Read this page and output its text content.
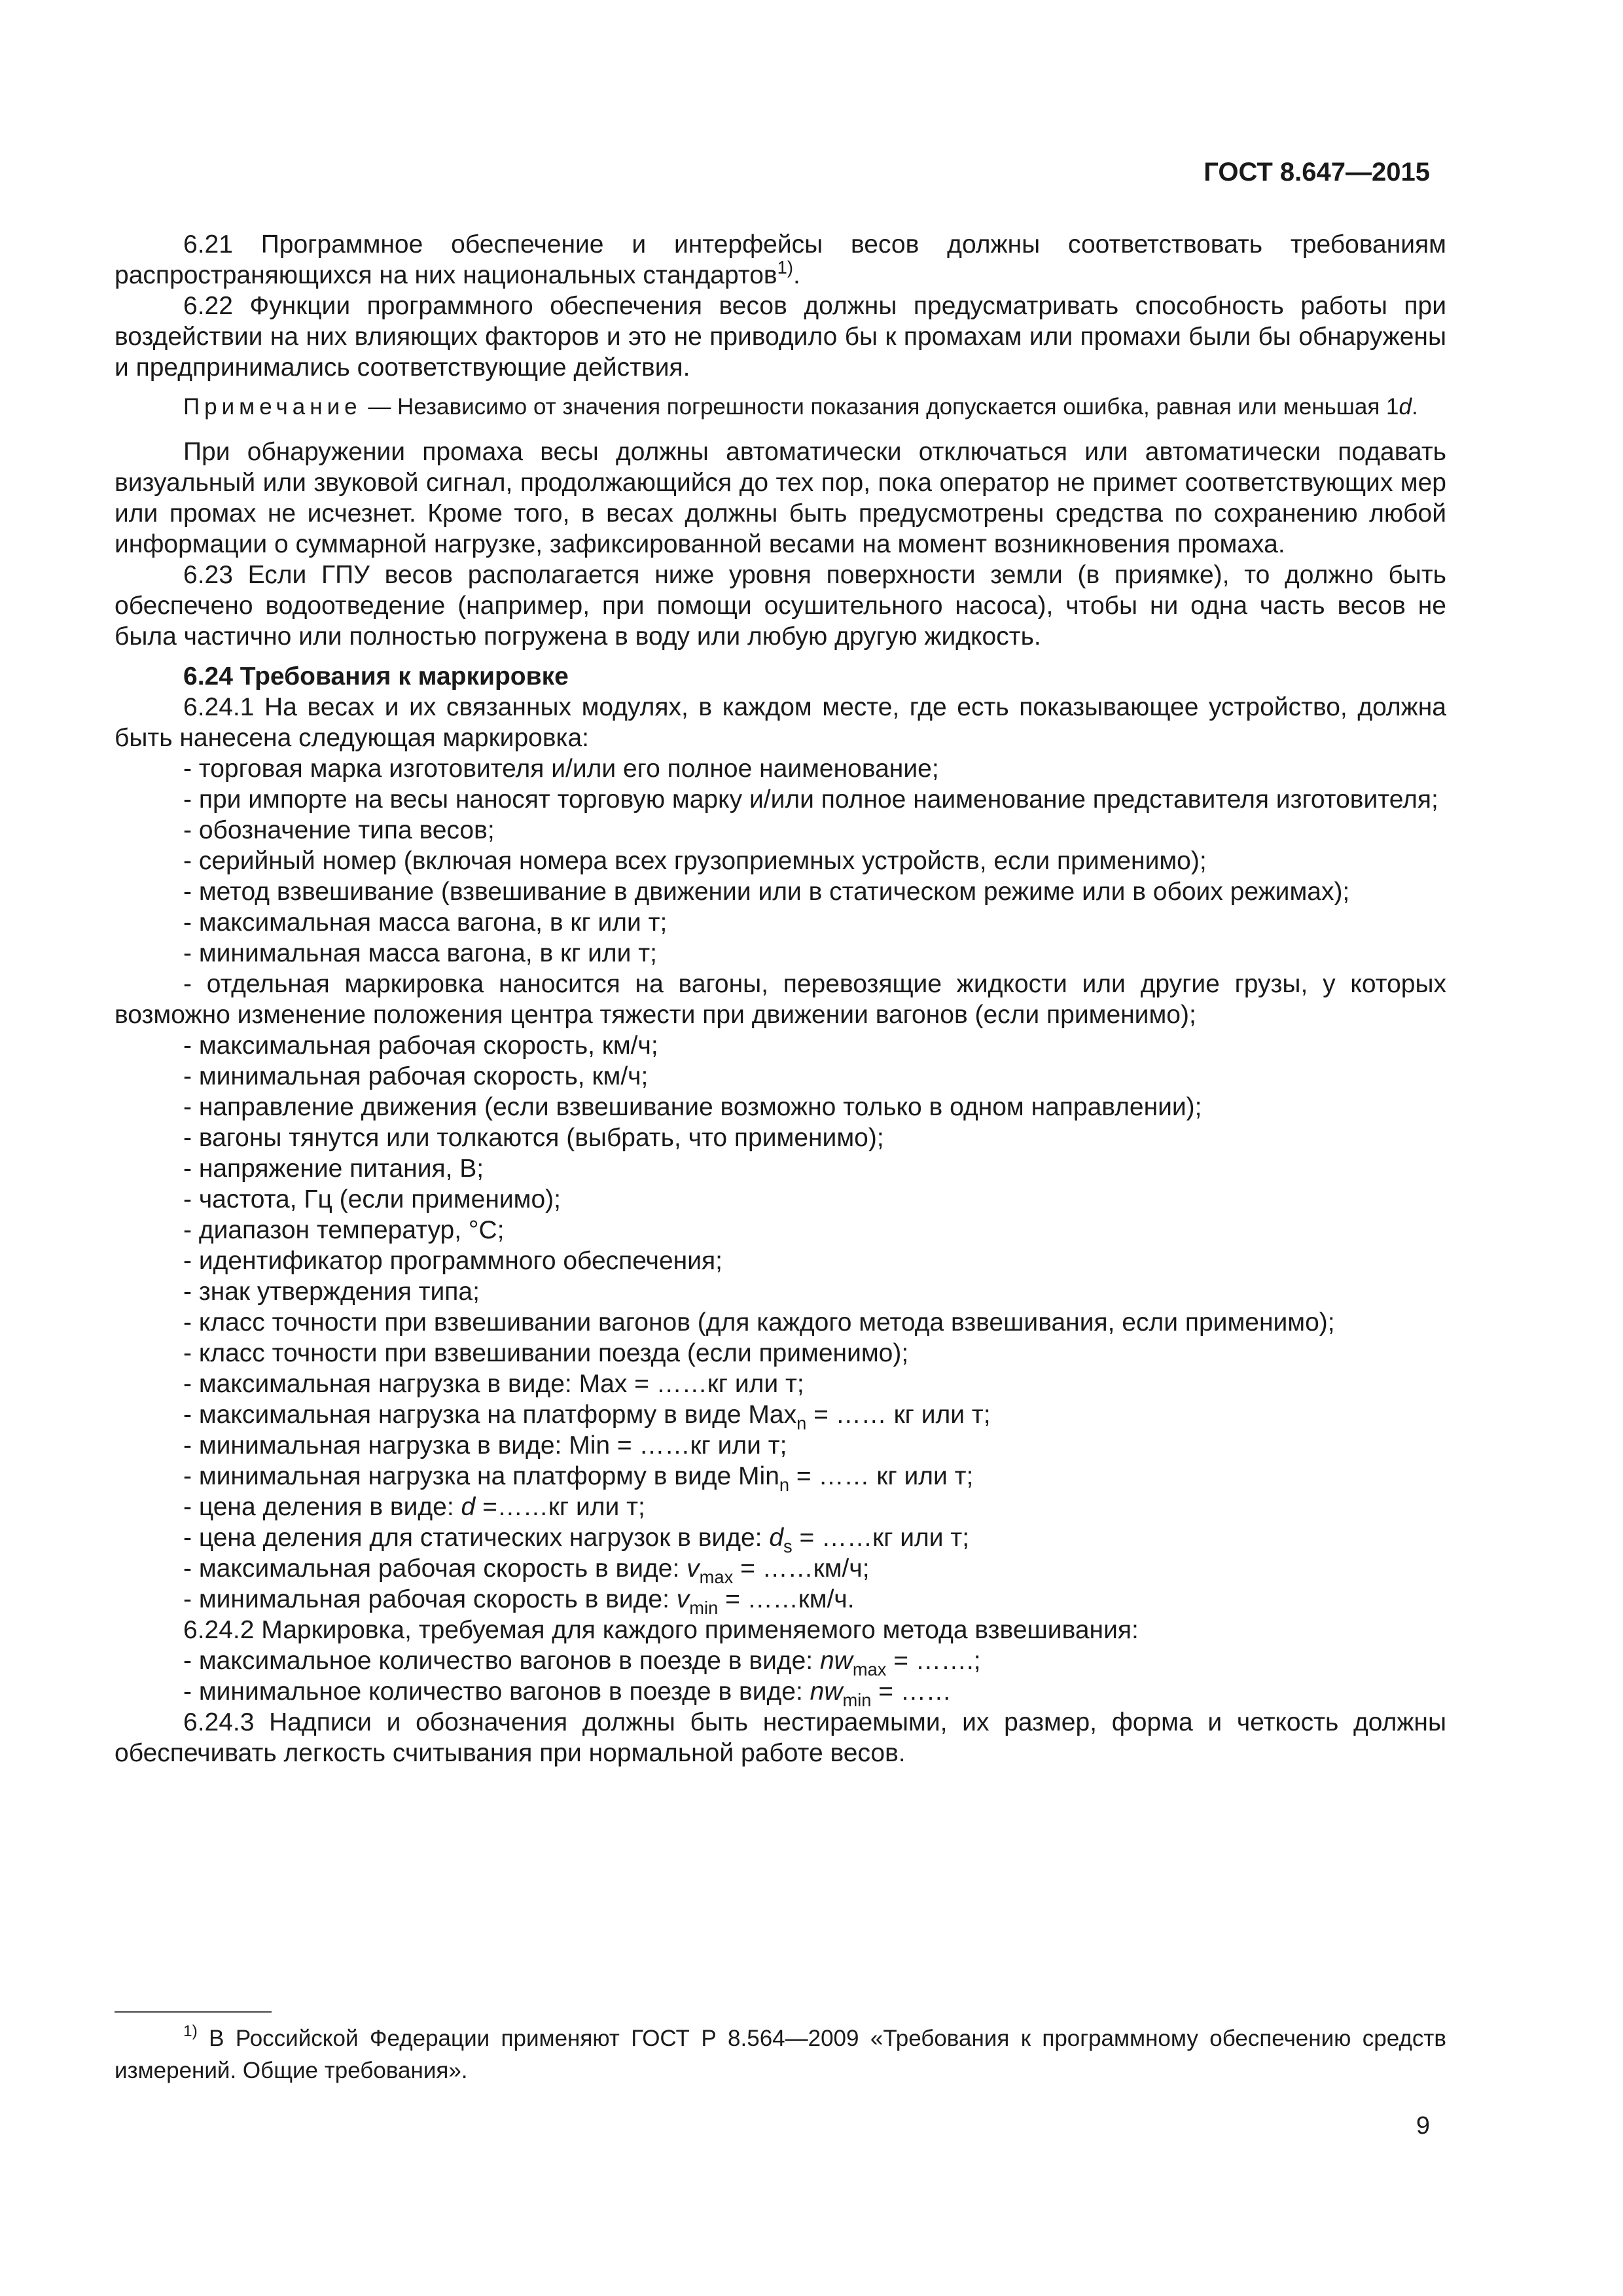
ГОСТ 8.647—2015

6.21 Программное обеспечение и интерфейсы весов должны соответствовать требованиям распространяющихся на них национальных стандартов$^{1)}$.

6.22 Функции программного обеспечения весов должны предусматривать способность работы при воздействии на них влияющих факторов и это не приводило бы к промахам или промахи были бы обнаружены и предпринимались соответствующие действия.

Примечание — Независимо от значения погрешности показания допускается ошибка, равная или меньшая 1d.

При обнаружении промаха весы должны автоматически отключаться или автоматически подавать визуальный или звуковой сигнал, продолжающийся до тех пор, пока оператор не примет соответствующих мер или промах не исчезнет. Кроме того, в весах должны быть предусмотрены средства по сохранению любой информации о суммарной нагрузке, зафиксированной весами на момент возникновения промаха.

6.23 Если ГПУ весов располагается ниже уровня поверхности земли (в приямке), то должно быть обеспечено водоотведение (например, при помощи осушительного насоса), чтобы ни одна часть весов не была частично или полностью погружена в воду или любую другую жидкость.

6.24 Требования к маркировке

6.24.1 На весах и их связанных модулях, в каждом месте, где есть показывающее устройство, должна быть нанесена следующая маркировка:

- торговая марка изготовителя и/или его полное наименование;

- при импорте на весы наносят торговую марку и/или полное наименование представителя изготовителя;

- обозначение типа весов;

- серийный номер (включая номера всех грузоприемных устройств, если применимо);

- метод взвешивание (взвешивание в движении или в статическом режиме или в обоих режимах);

- максимальная масса вагона, в кг или т;

- минимальная масса вагона, в кг или т;

- отдельная маркировка наносится на вагоны, перевозящие жидкости или другие грузы, у которых возможно изменение положения центра тяжести при движении вагонов (если применимо);

- максимальная рабочая скорость, км/ч;

- минимальная рабочая скорость, км/ч;

- направление движения (если взвешивание возможно только в одном направлении);

- вагоны тянутся или толкаются (выбрать, что применимо);

- напряжение питания, В;

- частота, Гц (если применимо);

- диапазон температур, °С;

- идентификатор программного обеспечения;

- знак утверждения типа;

- класс точности при взвешивании вагонов (для каждого метода взвешивания, если применимо);

- класс точности при взвешивании поезда (если применимо);

- максимальная нагрузка в виде: Max = ……кг или т;

- максимальная нагрузка на платформу в виде Max$_n$ = …… кг или т;

- минимальная нагрузка в виде: Min = ……кг или т;

- минимальная нагрузка на платформу в виде Min$_n$ = …… кг или т;

- цена деления в виде: d =……кг или т;

- цена деления для статических нагрузок в виде: $d_s$ = ……кг или т;

- максимальная рабочая скорость в виде: $v_{max}$ = ……км/ч;

- минимальная рабочая скорость в виде: $v_{min}$ = ……км/ч.

6.24.2 Маркировка, требуемая для каждого применяемого метода взвешивания:

- максимальное количество вагонов в поезде в виде: $nw_{max}$ = …….;

- минимальное количество вагонов в поезде в виде: $nw_{min}$ = ……

6.24.3 Надписи и обозначения должны быть нестираемыми, их размер, форма и четкость должны обеспечивать легкость считывания при нормальной работе весов.

$^{1)}$ В Российской Федерации применяют ГОСТ Р 8.564—2009 «Требования к программному обеспечению средств измерений. Общие требования».

9
